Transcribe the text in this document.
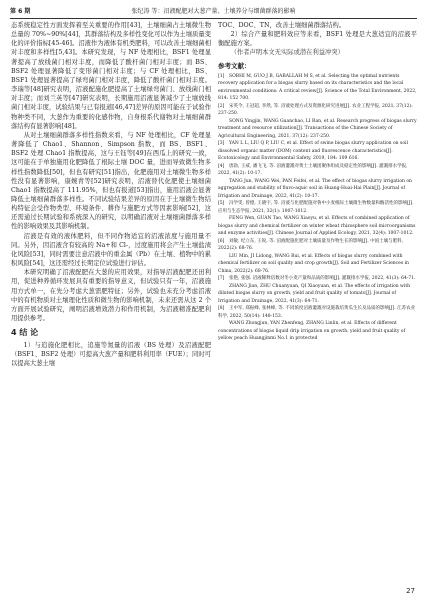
第 6 期	张纪涛 等：沼液配肥对大葱产量、土壤养分与细菌群落的影响

态系统稳定性方面发挥着至关重要的作用[43]，土壤细菌占土壤微生物总量的 70%~90%[44]，其群落结构及多样性变化可以作为土壤质量变化的评价指标[45-46]。沼液作为液体有机类肥料，可以改善土壤细菌相对丰度和多样性[5,43]。本研究发现，与 NF 处理相比，BSF1 处理显著提高了放线菌门相对丰度，而降低了酸杆菌门相对丰度；而 BS、BSF2 处理显著降低了变形菌门相对丰度；与 CF 处理相比，BS、BSF1 处理显著提高了绿弯菌门相对丰度，降低了酸杆菌门相对丰度。李瑞等[48]研究表明，沼液配施化肥提高了土壤绿弯菌门、放线菌门相对丰度；而刘兰英等[47]研究表明，长期施用沼液显著减少了土壤放线菌门相对丰度，试验结果与已有报道[46,47]差异的原因可能在于试验作物种类不同，大葱作为重要的化感作物，自身根系代谢物对土壤细菌群落结构有显著影响[48]。

从对土壤细菌群落多样性指数来看，与 NF 处理相比，CF 处理显著降低了 Chao1、Shannon、Simpson 指数，而 BS、BSF1、BSF2 处理 Chao1 指数提高，这与王钰等[49]在西瓜上的研究一致，这可能在于单独施用化肥降低了根际土壤 DOC 量，进而导致微生物多样性指数降低[50]，但也有研究[51]指出，化肥施用对土壤微生物多样性没有显著影响，康婉青等[52]研究表明，沼液替代化肥使土壤细菌 Chao1 指数提高了 111.95%，但也有报道[53]指出，施用沼液会显著降低土壤细菌群落多样性。不同试验结果差异的原因在于土壤微生物结构特征会受作物类型、环境条件、耕作与施肥方式等因素影响[52]，这还需通过长期试验和系统深入的研究，以明确沼液对土壤细菌群落多样性的影响效果及其影响机制。

沼液是有效的液体肥料，但不同作物适宜的沼液浓度与施用量不同。另外，因沼液含有较高的 Na+和 Cl-，过度施用将会产生土壤盐渍化风险[53]，同时需要注意沼液中的重金属（Pb）在土壤、植物中的累积风险[54]，这还需经过长期定位试验进行评估。

本研究明确了沼液配肥在大葱的应用效果，对指导沼液配肥还田利用，促进种养循环发展具有重要的指导意义，但试验只有一年，沼液施用方式单一，在先分考虑大葱需肥特征；另外，试验也未充分考虑沼液中的有机物质对土壤理化性质和微生物的影响机制，未来还需从这 2 个方面开展试验研究，阐明沼液增效潜力和作用机制，为沼液精准配肥利用提供参考。

4 结 论

1）与追施化肥相比，追施等氮量的沼液（BS 处理）及沼液配肥（BSF1、BSF2 处理）可提高大葱产量和肥料利用率（FUE）；同时可以提高大葱土壤

TOC、DOC、TN，改善土壤细菌群落结构。

2）综合产量和肥料效应等来看，BSF1 处理是大葱适宜的沼液平衡配施方案。

（作者声明本文无实际或潜在利益冲突）

参考文献：
[1] SOBHI M, GUO J B, GABALLAH M S, et al. Selecting the optimal nutrients recovery application for a biogas slurry based on its characteristics and the local environmental conditions: A critical review[J]. Science of the Total Environment, 2022, 814: 152 700.
[2] 宋英今, 王冠超, 李然, 等. 沼液处理方式及资源化研究进展[J]. 农业工程学报, 2021, 37(12): 237-250.
SONG Yingjin, WANG Guanchao, LI Ran, et al. Research progress of biogas slurry treatment and resource utilization[J]. Transactions of the Chinese Society of Agricultural Engineering, 2021, 37(12): 237-250.
[3] YAN L L, LIU Q P, LIU C, et al. Effect of swine biogas slurry application on soil dissolved organic matter (DOM) content and fluorescence characteristics[J]. Ecotoxicology and Environmental Safety, 2019, 184: 109 616.
[4] 唐勍, 王威, 潘飞飞, 等. 沼液灌溉对黄土土壤团聚体组成及稳定性的影响[J]. 灌溉排水学报, 2022, 41(2): 10-17.
TANG Jun, WANG Wei, PAN Feifei, et al. The effect of biogas slurry irrigation on aggregation and stability of fluvo-aquic soil in Huang-Huai-Hai Plain[J]. Journal of Irrigation and Drainage, 2022, 41(2): 10-17.
[5] 冯学雯, 曾德, 王晓宇, 等. 沼液与化肥配施对鲁中小麦根际土壤微生物数量和酶活性的影响[J]. 应用与生态学报, 2021, 32(1): 1007-1012.
FENG Wen, GUAN Tao, WANG Xiaoyu, et al. Effects of combined application of biogas slurry and chemical fertilizer on winter wheat rhizosphere soil microorganisms and enzyme activities[J]. Chinese Journal of Applied Ecology, 2021, 32(4): 1007-1012.
[6] 刘敏, 纪立东, 王锐, 等. 沼液配施化肥对土壤质量及作物生长的影响[J]. 中国土壤与肥料, 2022(2): 68-76.
LIU Min, JI Lidong, WANG Rui, et al. Effects of biogas slurry combined with chemical fertilizer on soil quality and crop growth[J]. Soil and Fertilizer Sciences in China, 2022(2): 68-76.
[7] 张艳, 张强. 沼液稀释倍数对冬小麦产量和品质的影响[J]. 灌溉排水学报, 2022, 41(3): 64-71.
ZHANG Jian, ZHU Chuanyuan, QI Xiaoyuan, et al. The effects of irrigation with diluted biogas slurry on growth, yield and fruit quality of tomato[J]. Journal of Irrigation and Drainage, 2022, 41(3): 64-71.
[8] 王中军, 郑振峰, 张林峰, 等. 不同浓度沼液灌溉对设施栽培黄瓜生长及品质的影响[J]. 江苏农业科学, 2022, 50(14): 148-153.
WANG Zhongjun, YAN Zhenfeng, ZHANG Linlin, et al. Effects of different concentrations of biogas liquid drip irrigation on growth, yield and fruit quality of yellow peach Huangjinmi No.1 in protected
27
